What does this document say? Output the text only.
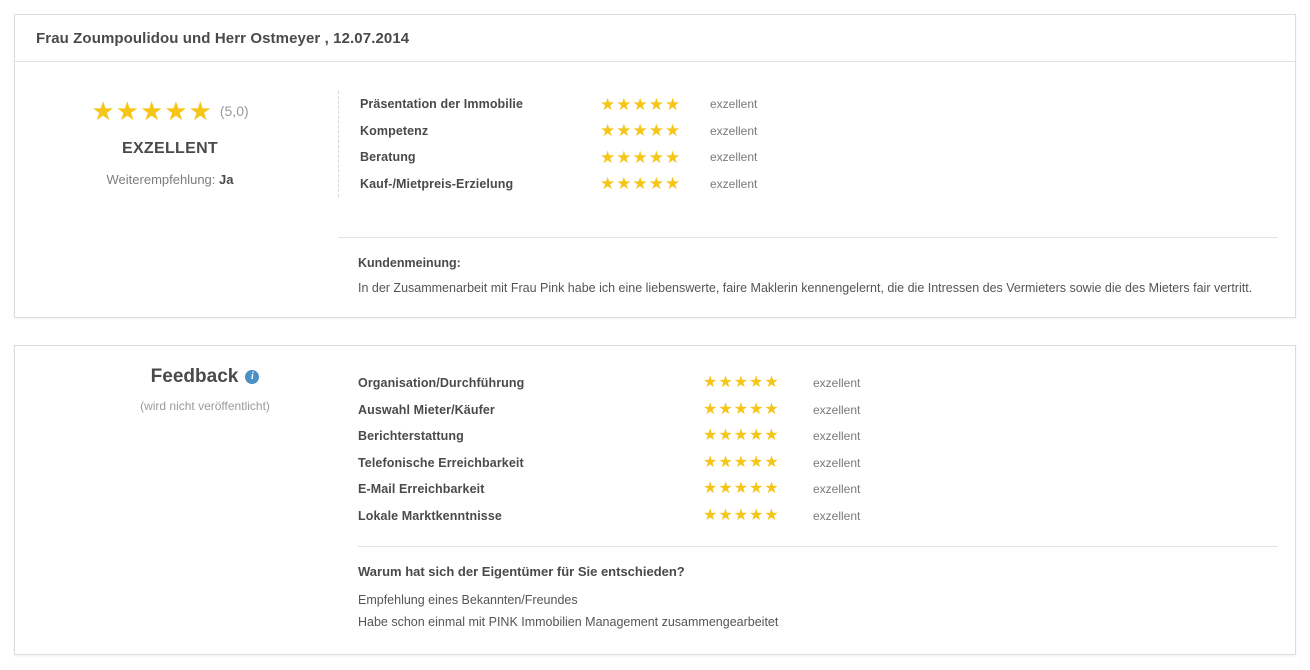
Frau Zoumpoulidou und Herr Ostmeyer , 12.07.2014
★ ★ ★ ★ ★ (5,0)
EXZELLENT
Weiterempfehlung: Ja
Präsentation der Immobilie	★ ★ ★ ★ ★ exzellent
Kompetenz	★ ★ ★ ★ ★ exzellent
Beratung	★ ★ ★ ★ ★ exzellent
Kauf-/Mietpreis-Erzielung	★ ★ ★ ★ ★ exzellent
Kundenmeinung:
In der Zusammenarbeit mit Frau Pink habe ich eine liebenswerte, faire Maklerin kennengelernt, die die Intressen des Vermieters sowie die des Mieters fair vertritt.
Feedback	i
(wird nicht veröffentlicht)
Organisation/Durchführung	★ ★ ★ ★ ★	exzellent
Auswahl Mieter/Käufer	★ ★ ★ ★ ★	exzellent
Berichterstattung	★ ★ ★ ★ ★	exzellent
Telefonische Erreichbarkeit	★ ★ ★ ★ ★	exzellent
E-Mail Erreichbarkeit	★ ★ ★ ★ ★	exzellent
Lokale Marktkenntnisse	★ ★ ★ ★ ★	exzellent
Warum hat sich der Eigentümer für Sie entschieden?
Empfehlung eines Bekannten/Freundes
Habe schon einmal mit PINK Immobilien Management zusammengearbeitet
